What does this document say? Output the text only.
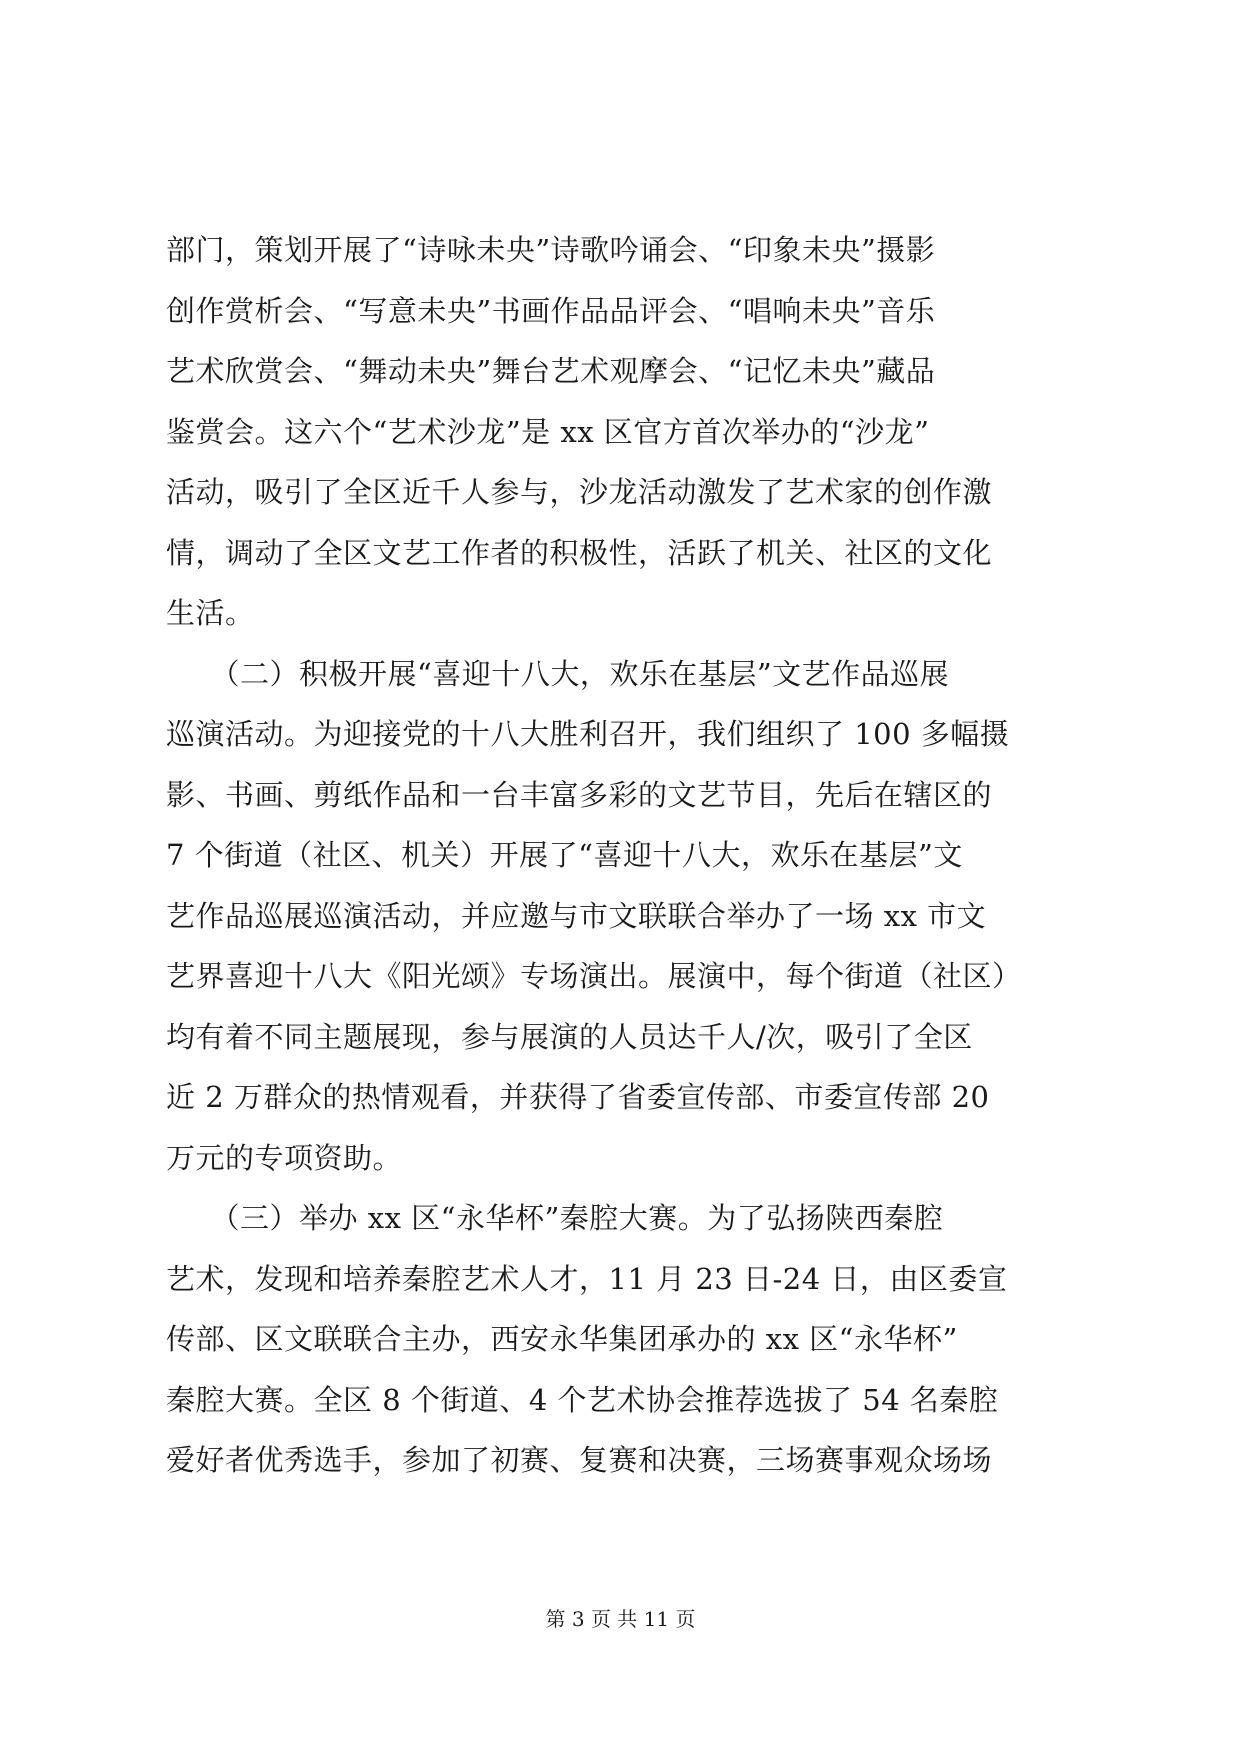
部门，策划开展了“诗咏未央”诗歌吟诵会、“印象未央”摄影
创作赏析会、“写意未央”书画作品品评会、“唱响未央”音乐
艺术欣赏会、“舞动未央”舞台艺术观摩会、“记忆未央”藏品
鉴赏会。这六个“艺术沙龙”是 xx 区官方首次举办的“沙龙”
活动，吸引了全区近千人参与，沙龙活动激发了艺术家的创作激
情，调动了全区文艺工作者的积极性，活跃了机关、社区的文化
生活。
　　（二）积极开展“喜迎十八大，欢乐在基层”文艺作品巡展
巡演活动。为迎接党的十八大胜利召开，我们组织了 100 多幅摄
影、书画、剪纸作品和一台丰富多彩的文艺节目，先后在辖区的
7 个街道（社区、机关）开展了“喜迎十八大，欢乐在基层”文
艺作品巡展巡演活动，并应邀与市文联联合举办了一场 xx 市文
艺界喜迎十八大《阳光颂》专场演出。展演中，每个街道（社区）
均有着不同主题展现，参与展演的人员达千人/次，吸引了全区
近 2 万群众的热情观看，并获得了省委宣传部、市委宣传部 20
万元的专项资助。
　　（三）举办 xx 区“永华杯”秦腔大赛。为了弘扬陕西秦腔
艺术，发现和培养秦腔艺术人才，11 月 23 日-24 日，由区委宣
传部、区文联联合主办，西安永华集团承办的 xx 区“永华杯”
秦腔大赛。全区 8 个街道、4 个艺术协会推荐选拔了 54 名秦腔
爱好者优秀选手，参加了初赛、复赛和决赛，三场赛事观众场场
第 3 页 共 11 页
